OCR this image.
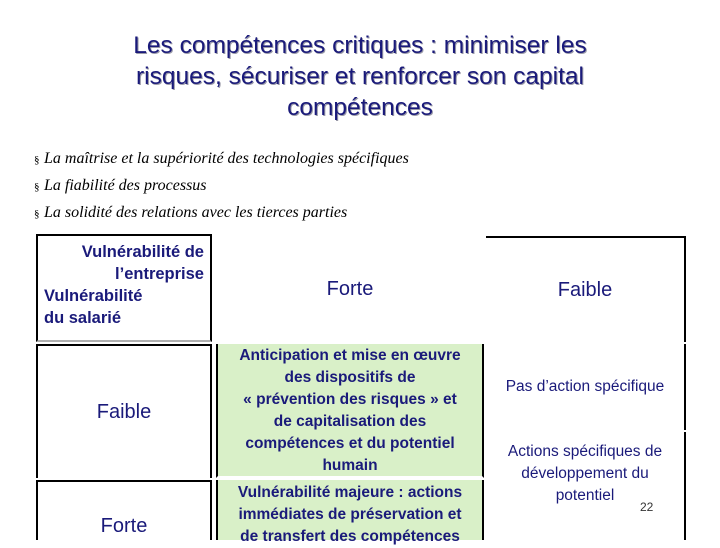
Les compétences critiques : minimiser les
risques, sécuriser et renforcer son capital
compétences
§ La maîtrise et la supériorité des technologies spécifiques
§ La fiabilité des processus
§ La solidité des relations avec les tierces parties
Vulnérabilité de
l’entreprise
Vulnérabilité
du salarié
Forte	Faible
Faible
Forte
Anticipation et mise en œuvre
des dispositifs de
« prévention des risques » et
de capitalisation des
compétences et du potentiel
humain
Vulnérabilité majeure : actions
immédiates de préservation et
de transfert des compétences
Pas d’action spécifique
Actions spécifiques de
développement du
potentiel
22
